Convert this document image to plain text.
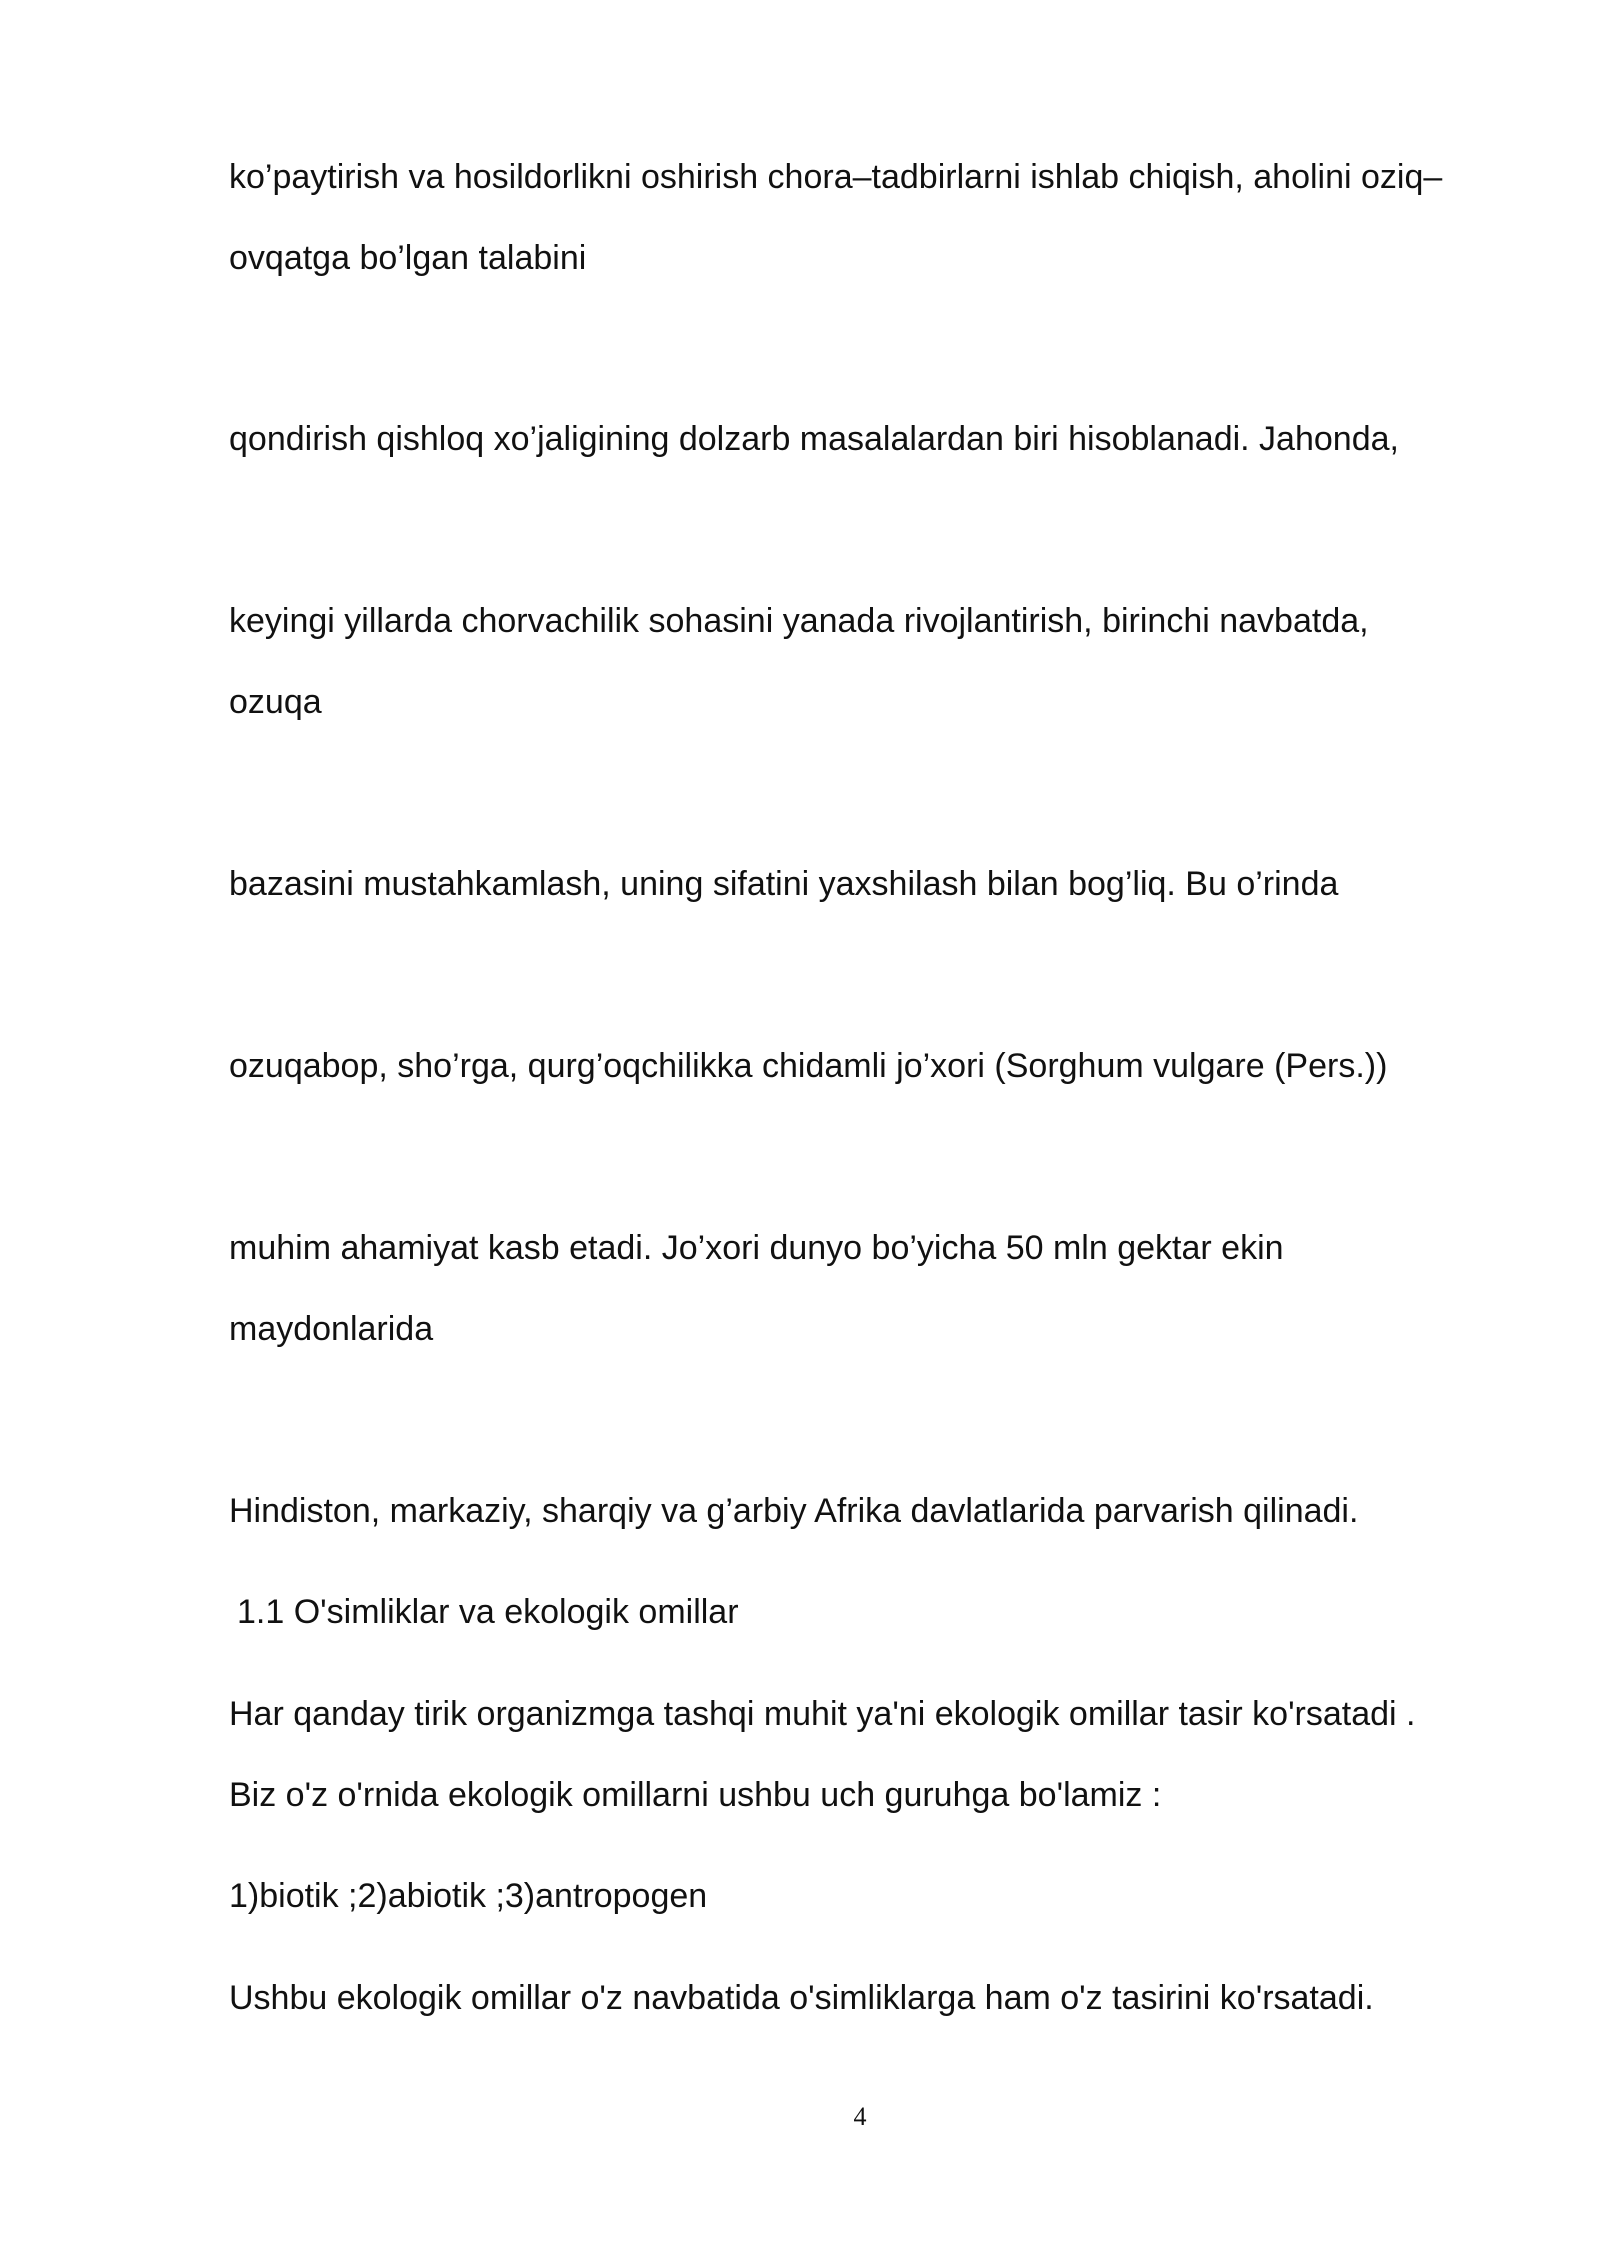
ko’paytirish va hosildorlikni oshirish chora–tadbirlarni ishlab chiqish, aholini oziq–
ovqatga bo’lgan talabini
qondirish qishloq xo’jaligining dolzarb masalalardan biri hisoblanadi. Jahonda,
keyingi yillarda chorvachilik sohasini yanada rivojlantirish, birinchi navbatda,
ozuqa
bazasini mustahkamlash, uning sifatini yaxshilash bilan bog’liq. Bu o’rinda
ozuqabop, sho’rga, qurg’oqchilikka chidamli jo’xori (Sorghum vulgare (Pers.))
muhim ahamiyat kasb etadi. Jo’xori dunyo bo’yicha 50 mln gektar ekin
maydonlarida
Hindiston, markaziy, sharqiy va g’arbiy Afrika davlatlarida parvarish qilinadi.
1.1 O'simliklar va ekologik omillar
Har qanday tirik organizmga tashqi muhit ya'ni ekologik omillar tasir ko'rsatadi .
Biz o'z o'rnida ekologik omillarni ushbu uch guruhga bo'lamiz :
1)biotik ;2)abiotik ;3)antropogen
Ushbu ekologik omillar o'z navbatida o'simliklarga ham o'z tasirini ko'rsatadi.
4
